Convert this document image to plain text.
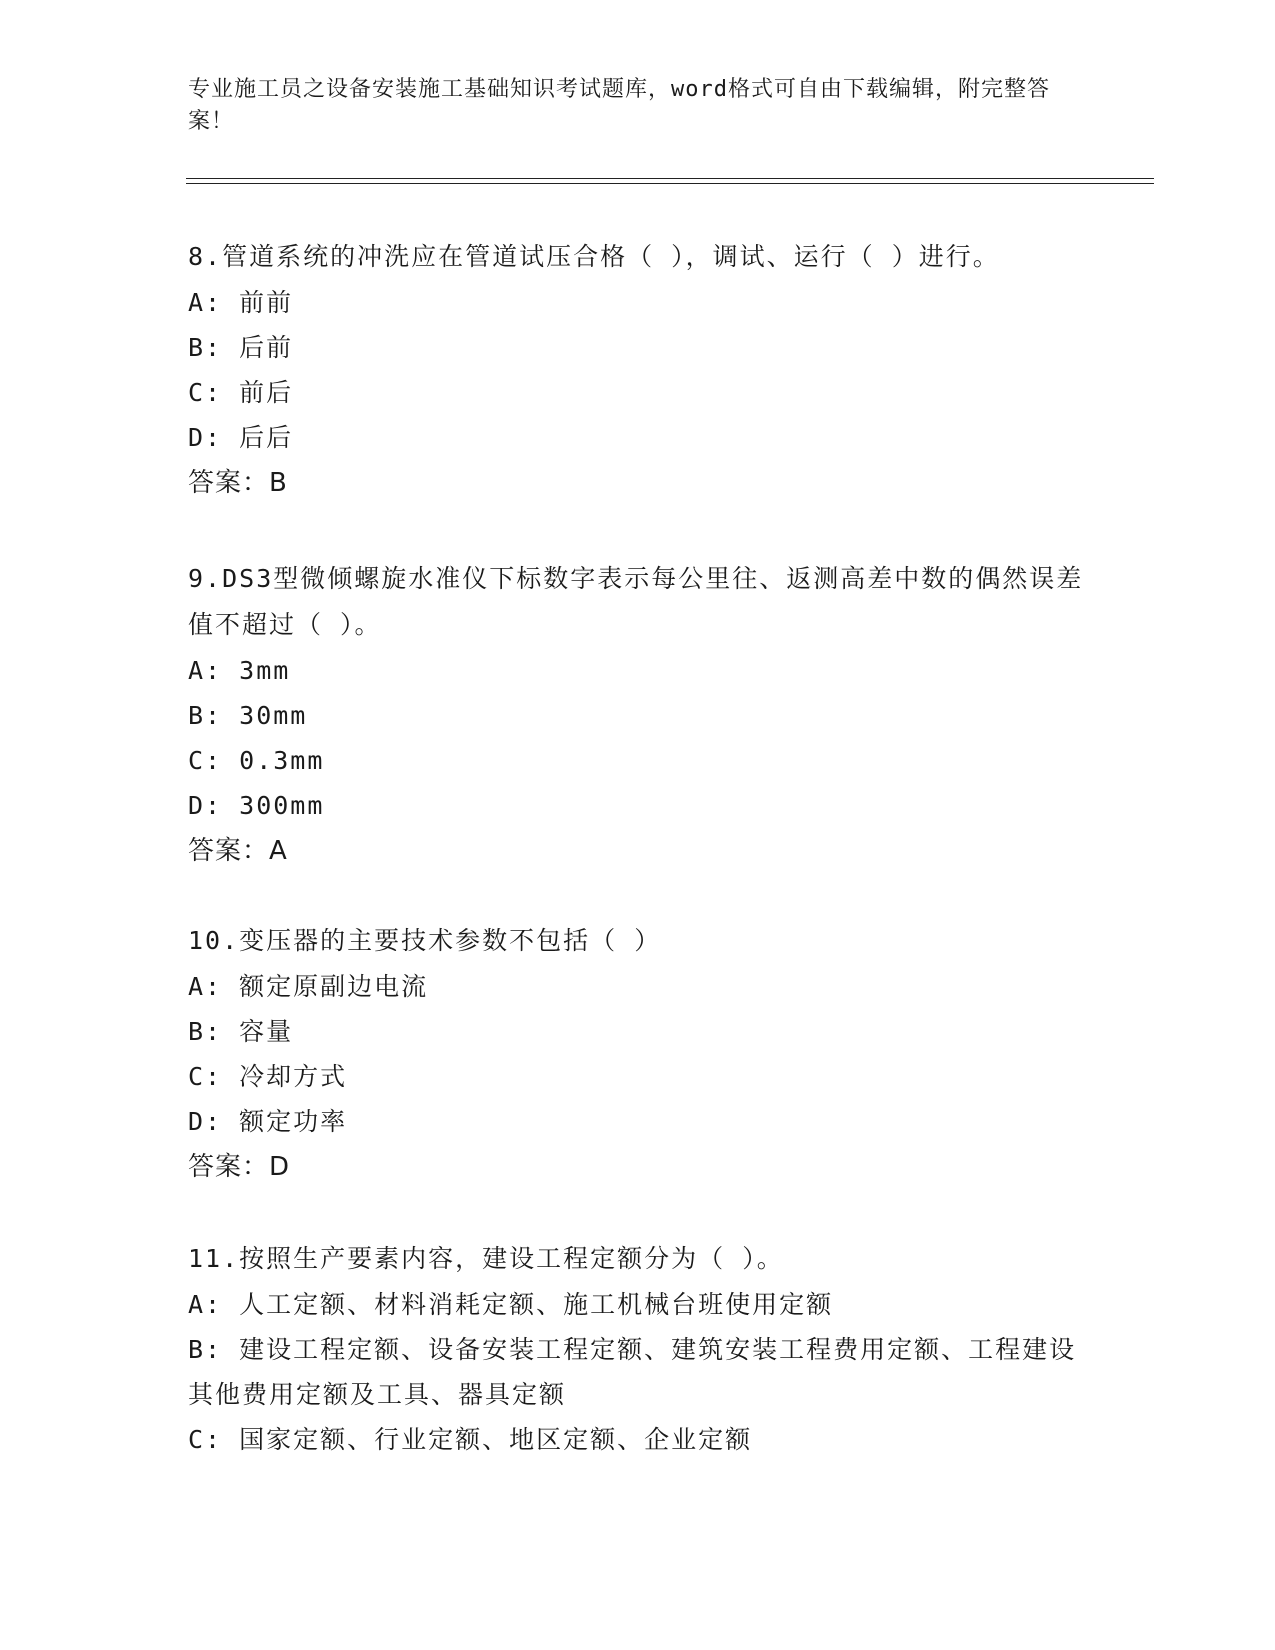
专业施工员之设备安装施工基础知识考试题库，word格式可自由下载编辑，附完整答案！
8.管道系统的冲洗应在管道试压合格（ ），调试、运行（ ）进行。
A: 前前
B: 后前
C: 前后
D: 后后
答案：B
9.DS3型微倾螺旋水准仪下标数字表示每公里往、返测高差中数的偶然误差值不超过（ ）。
A: 3mm
B: 30mm
C: 0.3mm
D: 300mm
答案：A
10.变压器的主要技术参数不包括（ ）
A: 额定原副边电流
B: 容量
C: 冷却方式
D: 额定功率
答案：D
11.按照生产要素内容，建设工程定额分为（ ）。
A: 人工定额、材料消耗定额、施工机械台班使用定额
B: 建设工程定额、设备安装工程定额、建筑安装工程费用定额、工程建设其他费用定额及工具、器具定额
C: 国家定额、行业定额、地区定额、企业定额
